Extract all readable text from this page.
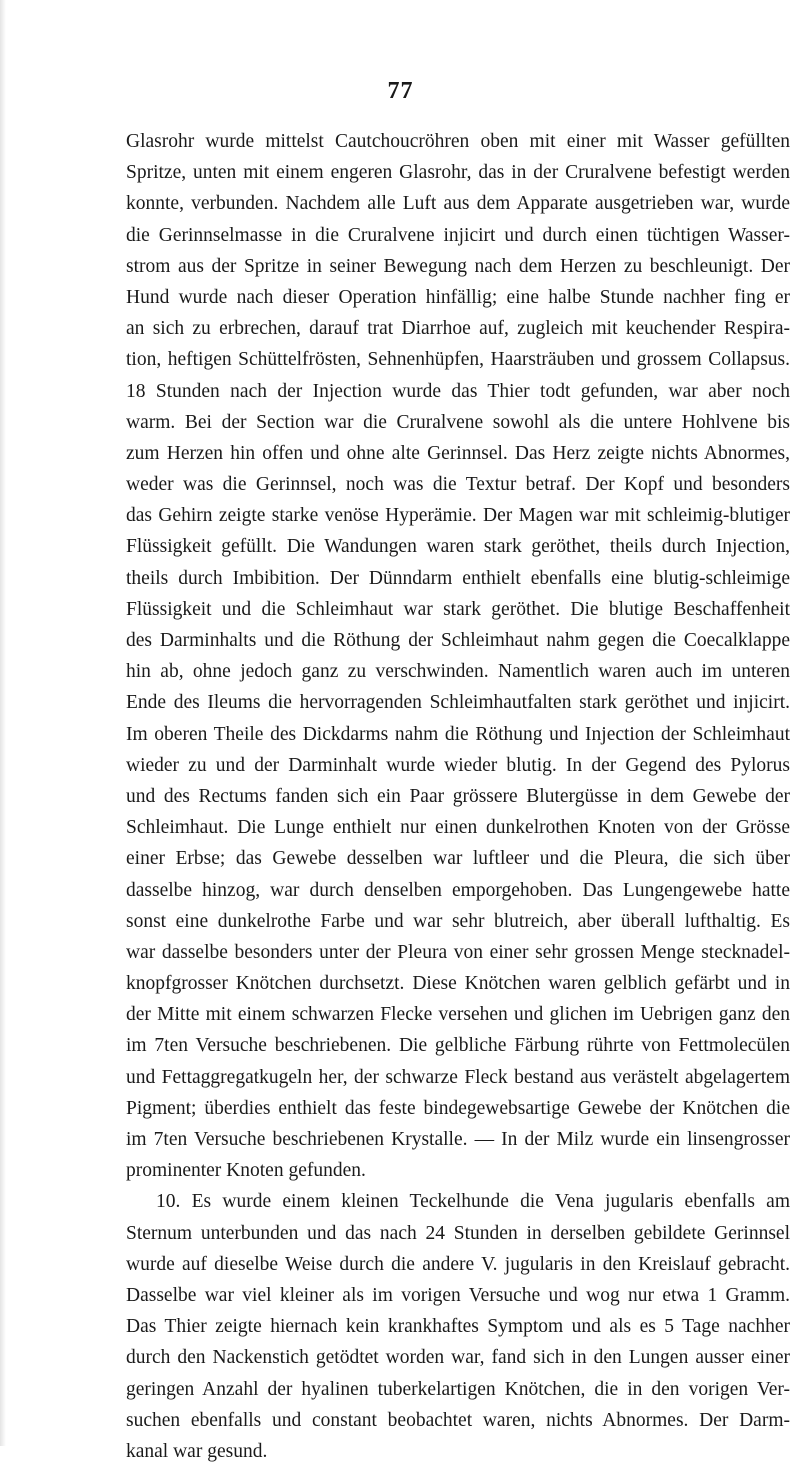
77
Glasrohr wurde mittelst Cautchoucröhren oben mit einer mit Wasser gefüllten
Spritze, unten mit einem engeren Glasrohr, das in der Cruralvene befestigt werden
konnte, verbunden. Nachdem alle Luft aus dem Apparate ausgetrieben war, wurde
die Gerinnselmasse in die Cruralvene injicirt und durch einen tüchtigen Wasser-
strom aus der Spritze in seiner Bewegung nach dem Herzen zu beschleunigt. Der
Hund wurde nach dieser Operation hinfällig; eine halbe Stunde nachher fing er
an sich zu erbrechen, darauf trat Diarrhoe auf, zugleich mit keuchender Respira-
tion, heftigen Schüttelfrösten, Sehnenhüpfen, Haarsträuben und grossem Collapsus.
18 Stunden nach der Injection wurde das Thier todt gefunden, war aber noch
warm. Bei der Section war die Cruralvene sowohl als die untere Hohlvene bis
zum Herzen hin offen und ohne alte Gerinnsel. Das Herz zeigte nichts Abnormes,
weder was die Gerinnsel, noch was die Textur betraf. Der Kopf und besonders
das Gehirn zeigte starke venöse Hyperämie. Der Magen war mit schleimig-blutiger
Flüssigkeit gefüllt. Die Wandungen waren stark geröthet, theils durch Injection,
theils durch Imbibition. Der Dünndarm enthielt ebenfalls eine blutig-schleimige
Flüssigkeit und die Schleimhaut war stark geröthet. Die blutige Beschaffenheit
des Darminhalts und die Röthung der Schleimhaut nahm gegen die Coecalklappe
hin ab, ohne jedoch ganz zu verschwinden. Namentlich waren auch im unteren
Ende des Ileums die hervorragenden Schleimhautfalten stark geröthet und injicirt.
Im oberen Theile des Dickdarms nahm die Röthung und Injection der Schleimhaut
wieder zu und der Darminhalt wurde wieder blutig. In der Gegend des Pylorus
und des Rectums fanden sich ein Paar grössere Blutergüsse in dem Gewebe der
Schleimhaut. Die Lunge enthielt nur einen dunkelrothen Knoten von der Grösse
einer Erbse; das Gewebe desselben war luftleer und die Pleura, die sich über
dasselbe hinzog, war durch denselben emporgehoben. Das Lungengewebe hatte
sonst eine dunkelrothe Farbe und war sehr blutreich, aber überall lufthaltig. Es
war dasselbe besonders unter der Pleura von einer sehr grossen Menge stecknadel-
knopfgrosser Knötchen durchsetzt. Diese Knötchen waren gelblich gefärbt und in
der Mitte mit einem schwarzen Flecke versehen und glichen im Uebrigen ganz den
im 7ten Versuche beschriebenen. Die gelbliche Färbung rührte von Fettmolecülen
und Fettaggregatkugeln her, der schwarze Fleck bestand aus verästelt abgelagertem
Pigment; überdies enthielt das feste bindegewebsartige Gewebe der Knötchen die
im 7ten Versuche beschriebenen Krystalle. — In der Milz wurde ein linsengrosser
prominenter Knoten gefunden.
10. Es wurde einem kleinen Teckelhunde die Vena jugularis ebenfalls am
Sternum unterbunden und das nach 24 Stunden in derselben gebildete Gerinnsel
wurde auf dieselbe Weise durch die andere V. jugularis in den Kreislauf gebracht.
Dasselbe war viel kleiner als im vorigen Versuche und wog nur etwa 1 Gramm.
Das Thier zeigte hiernach kein krankhaftes Symptom und als es 5 Tage nachher
durch den Nackenstich getödtet worden war, fand sich in den Lungen ausser einer
geringen Anzahl der hyalinen tuberkelartigen Knötchen, die in den vorigen Ver-
suchen ebenfalls und constant beobachtet waren, nichts Abnormes. Der Darm-
kanal war gesund.
